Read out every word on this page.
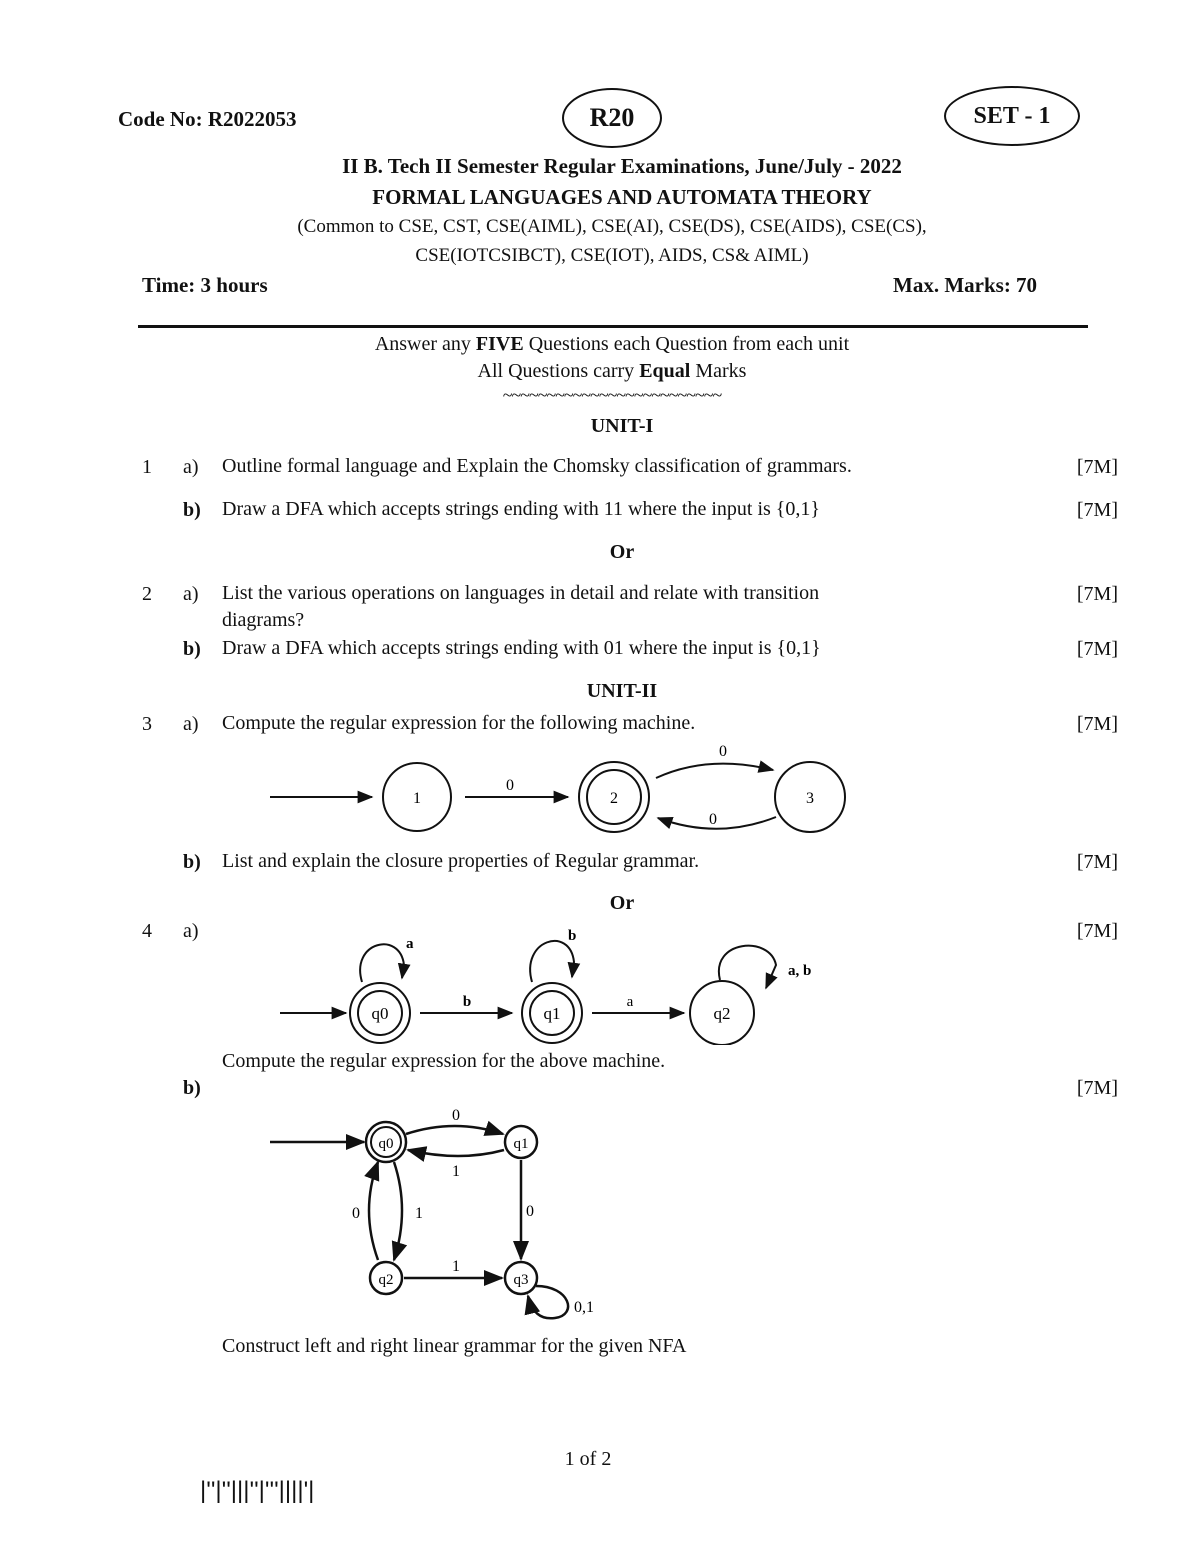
Code No: R2022053	R20	SET - 1
II B. Tech II Semester Regular Examinations, June/July - 2022
FORMAL LANGUAGES AND AUTOMATA THEORY
(Common to CSE, CST, CSE(AIML), CSE(AI), CSE(DS), CSE(AIDS), CSE(CS),
CSE(IOTCSIBCT), CSE(IOT), AIDS, CS& AIML)
Time: 3 hours	Max. Marks: 70
Answer any FIVE Questions each Question from each unit
All Questions carry Equal Marks
~~~~~~~~~~~~~~~~~~~~~~~~~
UNIT-I
1 a) Outline formal language and Explain the Chomsky classification of grammars.	[7M]
b) Draw a DFA which accepts strings ending with 11 where the input is {0,1}	[7M]
Or
2 a) List the various operations on languages in detail and relate with transition
diagrams?
[7M]
b) Draw a DFA which accepts strings ending with 01 where the input is {0,1}	[7M]
UNIT-II
3 a) Compute the regular expression for the following machine.	[7M]
1
0
2
0
0
3
b) List and explain the closure properties of Regular grammar.	[7M]
Or
4 a)	[7M]
a
q0
b
b
q1
a
a, b
q2
Compute the regular expression for the above machine.
b)	[7M]
q0	q1
q2	q3
0
1
1
0	0
1
0,1
Construct left and right linear grammar for the given NFA
1 of 2
|''|''|||''|'''||||'|
